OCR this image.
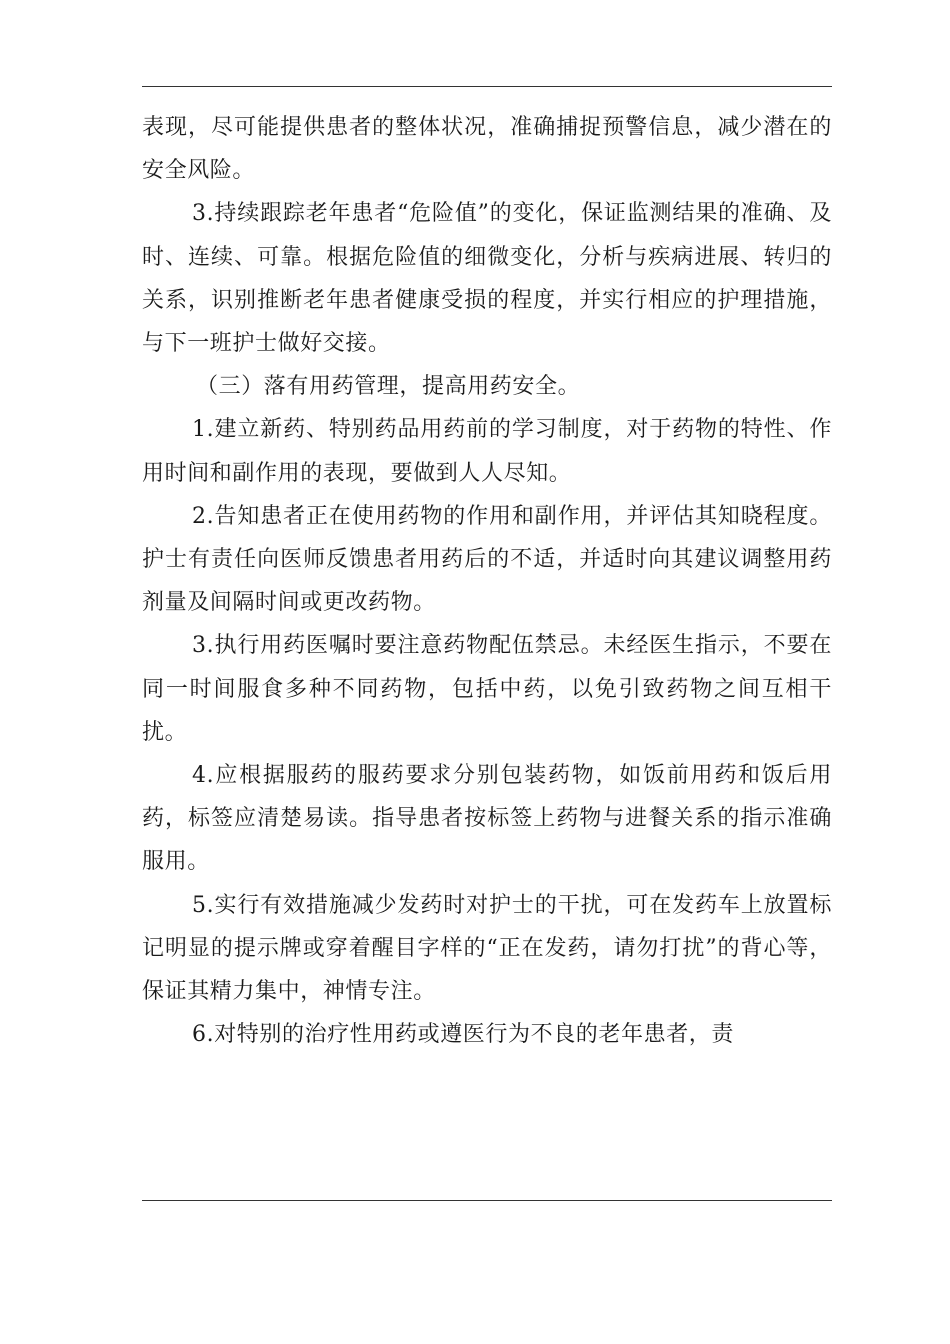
表现，尽可能提供患者的整体状况，准确捕捉预警信息，减少潜在的安全风险。

3.持续跟踪老年患者“危险值”的变化，保证监测结果的准确、及时、连续、可靠。根据危险值的细微变化，分析与疾病进展、转归的关系，识别推断老年患者健康受损的程度，并实行相应的护理措施，与下一班护士做好交接。

（三）落有用药管理，提高用药安全。

1.建立新药、特别药品用药前的学习制度，对于药物的特性、作用时间和副作用的表现，要做到人人尽知。

2.告知患者正在使用药物的作用和副作用，并评估其知晓程度。护士有责任向医师反馈患者用药后的不适，并适时向其建议调整用药剂量及间隔时间或更改药物。

3.执行用药医嘱时要注意药物配伍禁忌。未经医生指示，不要在同一时间服食多种不同药物，包括中药，以免引致药物之间互相干扰。

4.应根据服药的服药要求分别包装药物，如饭前用药和饭后用药，标签应清楚易读。指导患者按标签上药物与进餐关系的指示准确服用。

5.实行有效措施减少发药时对护士的干扰，可在发药车上放置标记明显的提示牌或穿着醒目字样的“正在发药，请勿打扰”的背心等，保证其精力集中，神情专注。

6.对特别的治疗性用药或遵医行为不良的老年患者，责
